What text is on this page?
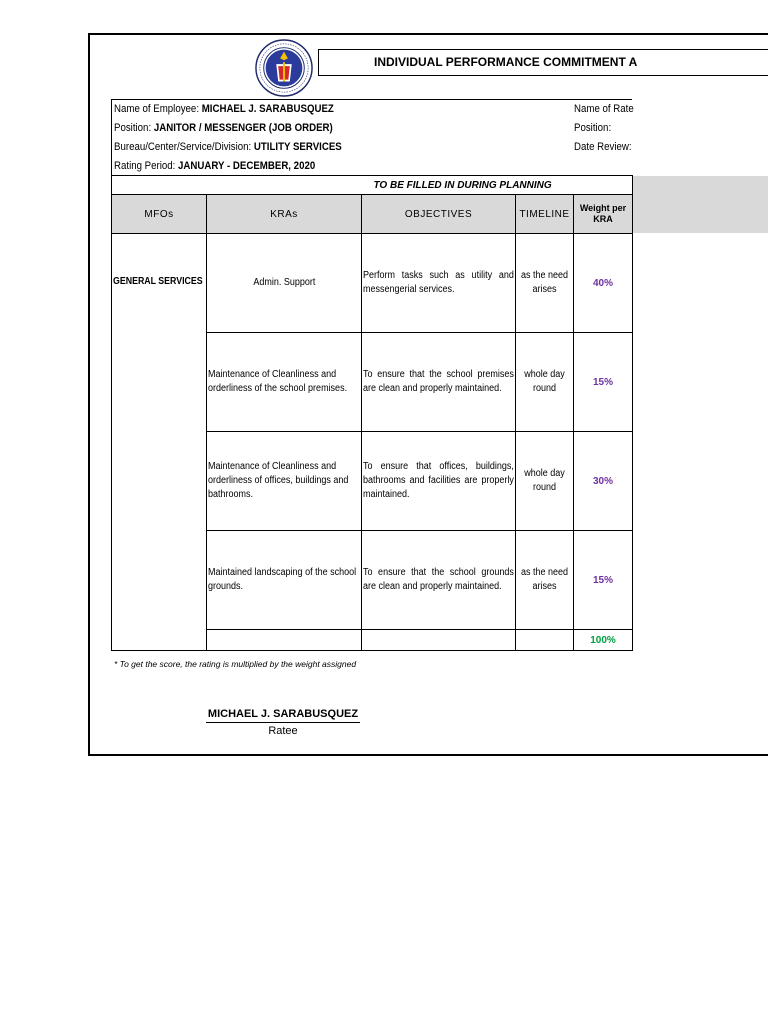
INDIVIDUAL PERFORMANCE COMMITMENT A
Name of Employee: MICHAEL J. SARABUSQUEZ
Position: JANITOR / MESSENGER (JOB ORDER)
Bureau/Center/Service/Division: UTILITY SERVICES
Rating Period: JANUARY - DECEMBER, 2020
Name of Rate
Position:
Date Review:
		TO BE FILLED IN DURING PLANNING		
MFOs	KRAs	OBJECTIVES	TIMELINE	Weight per KRA
GENERAL SERVICES	Admin. Support	Perform tasks such as utility and messengerial services.	as the need arises	40%

	Maintenance of Cleanliness and orderliness of the school premises.	To ensure that the school premises are clean and properly maintained.	whole day round	15%

	Maintenance of Cleanliness and orderliness of offices, buildings and bathrooms.	To ensure that offices, buildings, bathrooms and facilities are properly maintained.	whole day round	30%

	Maintained landscaping of the school grounds.	To ensure that the school grounds are clean and properly maintained.	as the need arises	15%
				100%
* To get the score, the rating is multiplied by the weight assigned
MICHAEL J. SARABUSQUEZ
Ratee
